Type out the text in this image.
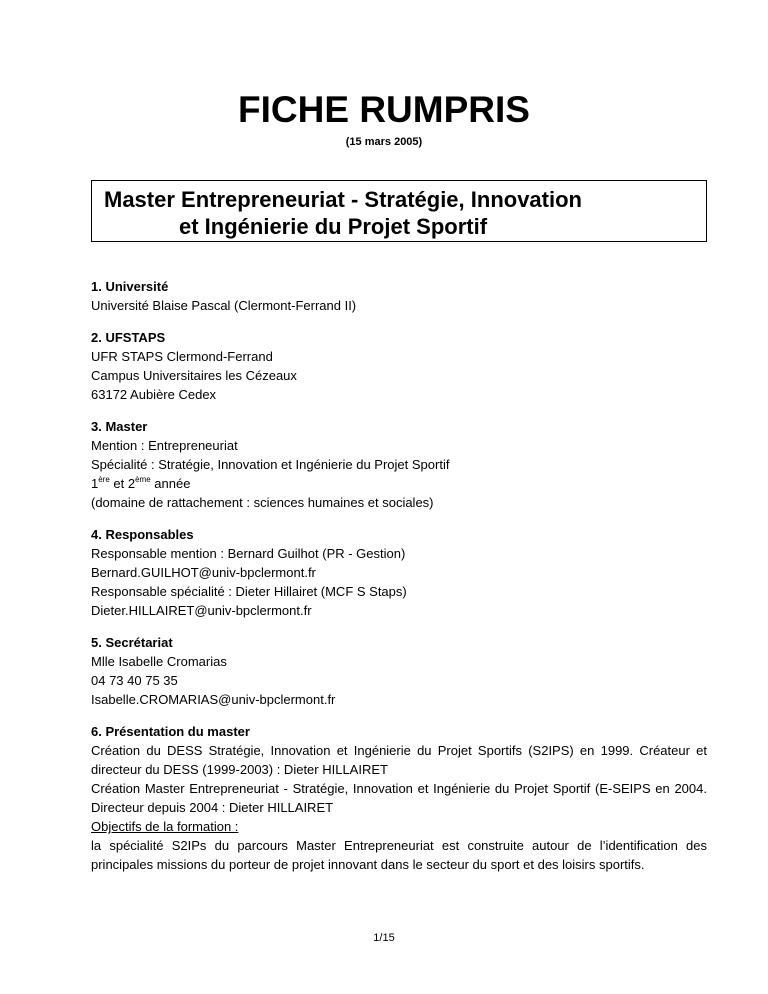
FICHE RUMPRIS
(15 mars 2005)
Master Entrepreneuriat - Stratégie, Innovation
et Ingénierie du Projet Sportif
1. Université
Université Blaise Pascal (Clermont-Ferrand II)
2. UFSTAPS
UFR STAPS Clermond-Ferrand
Campus Universitaires les Cézeaux
63172 Aubière Cedex
3. Master
Mention : Entrepreneuriat
Spécialité : Stratégie, Innovation et Ingénierie du Projet Sportif
1ère et 2ème année
(domaine de rattachement : sciences humaines et sociales)
4. Responsables
Responsable mention : Bernard Guilhot (PR - Gestion)
Bernard.GUILHOT@univ-bpclermont.fr
Responsable spécialité : Dieter Hillairet (MCF S Staps)
Dieter.HILLAIRET@univ-bpclermont.fr
5. Secrétariat
Mlle Isabelle Cromarias
04 73 40 75 35
Isabelle.CROMARIAS@univ-bpclermont.fr
6. Présentation du master
Création du DESS Stratégie, Innovation et Ingénierie du Projet Sportifs (S2IPS) en 1999. Créateur et directeur du DESS (1999-2003) : Dieter HILLAIRET
Création Master Entrepreneuriat - Stratégie, Innovation et Ingénierie du Projet Sportif (E-SEIPS en 2004. Directeur depuis 2004 : Dieter HILLAIRET
Objectifs de la formation :
la spécialité S2IPs du parcours Master Entrepreneuriat est construite autour de l’identification des principales missions du porteur de projet innovant dans le secteur du sport et des loisirs sportifs.
1/15
